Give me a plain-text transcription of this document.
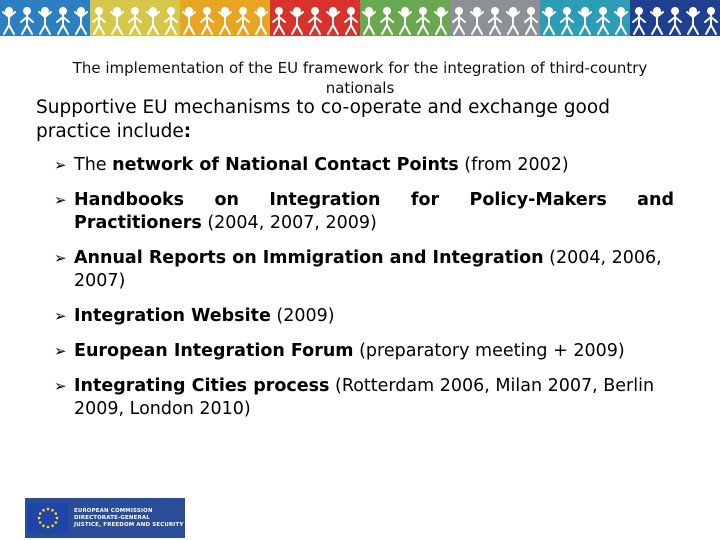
The implementation of the EU framework for the integration of third-country nationals
Supportive EU mechanisms to co-operate and exchange good practice include:
➢ The network of National Contact Points (from 2002)
➢ Handbooks on Integration for Policy-Makers and
Practitioners (2004, 2007, 2009)
➢ Annual Reports on Immigration and Integration (2004, 2006, 2007)
➢ Integration Website (2009)
➢ European Integration Forum (preparatory meeting + 2009)
➢ Integrating Cities process (Rotterdam 2006, Milan 2007, Berlin 2009, London 2010)
EUROPEAN COMMISSION
DIRECTORATE-GENERAL
JUSTICE, FREEDOM AND SECURITY
